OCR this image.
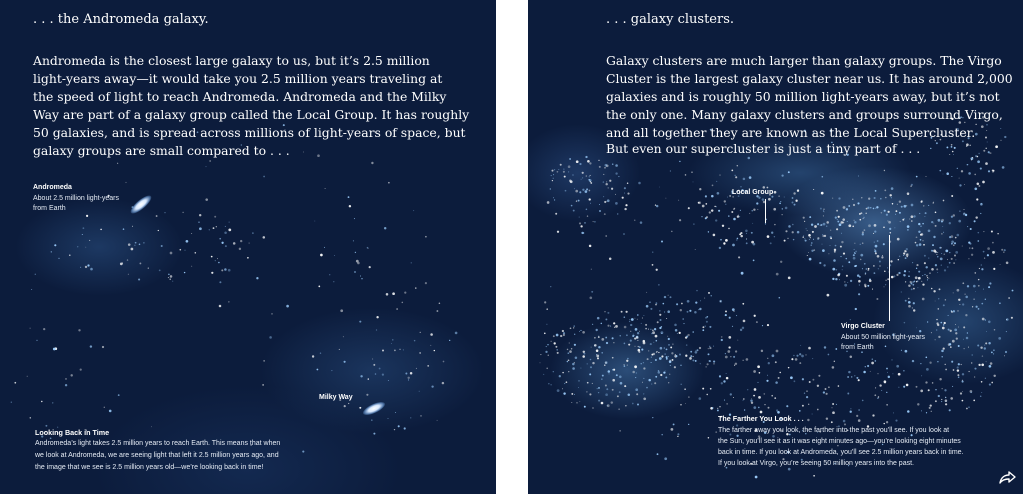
. . . the Andromeda galaxy.

Andromeda is the closest large galaxy to us, but it’s 2.5 million

light-years away—it would take you 2.5 million years traveling at

the speed of light to reach Andromeda. Andromeda and the Milky

Way are part of a galaxy group called the Local Group. It has roughly

50 galaxies, and is spread across millions of light-years of space, but

galaxy groups are small compared to . . .

Andromeda
About 2.5 million light-years
from Earth
Milky Way
Looking Back in Time
Andromeda’s light takes 2.5 million years to reach Earth. This means that when
we look at Andromeda, we are seeing light that left it 2.5 million years ago, and
the image that we see is 2.5 million years old—we’re looking back in time!

. . . galaxy clusters.

Galaxy clusters are much larger than galaxy groups. The Virgo

Cluster is the largest galaxy cluster near us. It has around 2,000

galaxies and is roughly 50 million light-years away, but it’s not

the only one. Many galaxy clusters and groups surround Virgo,

and all together they are known as the Local Supercluster.

But even our supercluster is just a tiny part of . . .

Local Group
Virgo Cluster
About 50 million light-years
from Earth
The Farther You Look . . .
The farther away you look, the farther into the past you’ll see. If you look at
the Sun, you’ll see it as it was eight minutes ago—you’re looking eight minutes
back in time. If you look at Andromeda, you’ll see 2.5 million years back in time.
If you look at Virgo, you’re seeing 50 million years into the past.
